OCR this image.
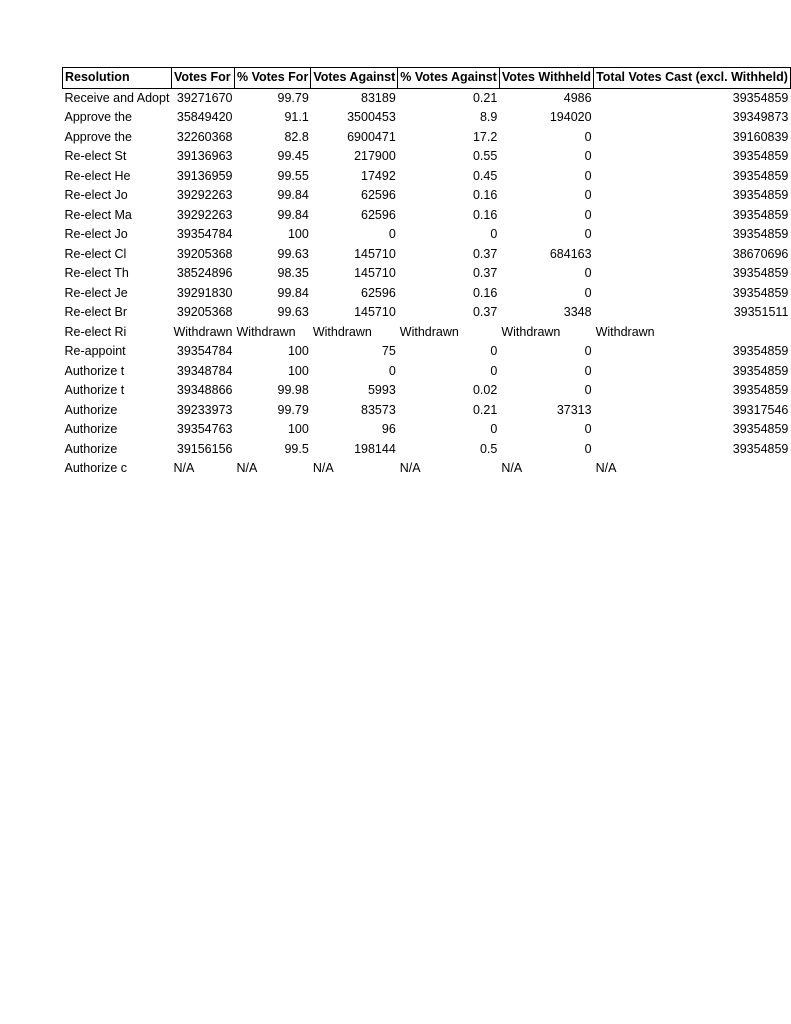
Resolution	Votes For	% Votes For	Votes Against	% Votes Against	Votes Withheld	Total Votes Cast (excl. Withheld)
Receive and Adopt	39271670	99.79	83189	0.21	4986	39354859
Approve the	35849420	91.1	3500453	8.9	194020	39349873
Approve the	32260368	82.8	6900471	17.2	0	39160839
Re-elect St	39136963	99.45	217900	0.55	0	39354859
Re-elect He	39136959	99.55	17492	0.45	0	39354859
Re-elect Jo	39292263	99.84	62596	0.16	0	39354859
Re-elect Ma	39292263	99.84	62596	0.16	0	39354859
Re-elect Jo	39354784	100	0	0	0	39354859
Re-elect Cl	39205368	99.63	145710	0.37	684163	38670696
Re-elect Th	38524896	98.35	145710	0.37	0	39354859
Re-elect Je	39291830	99.84	62596	0.16	0	39354859
Re-elect Br	39205368	99.63	145710	0.37	3348	39351511
Re-elect Ri	Withdrawn	Withdrawn	Withdrawn	Withdrawn	Withdrawn	Withdrawn
Re-appoint	39354784	100	75	0	0	39354859
Authorize t	39348784	100	0	0	0	39354859
Authorize t	39348866	99.98	5993	0.02	0	39354859
Authorize	39233973	99.79	83573	0.21	37313	39317546
Authorize	39354763	100	96	0	0	39354859
Authorize	39156156	99.5	198144	0.5	0	39354859
Authorize c	N/A	N/A	N/A	N/A	N/A	N/A
